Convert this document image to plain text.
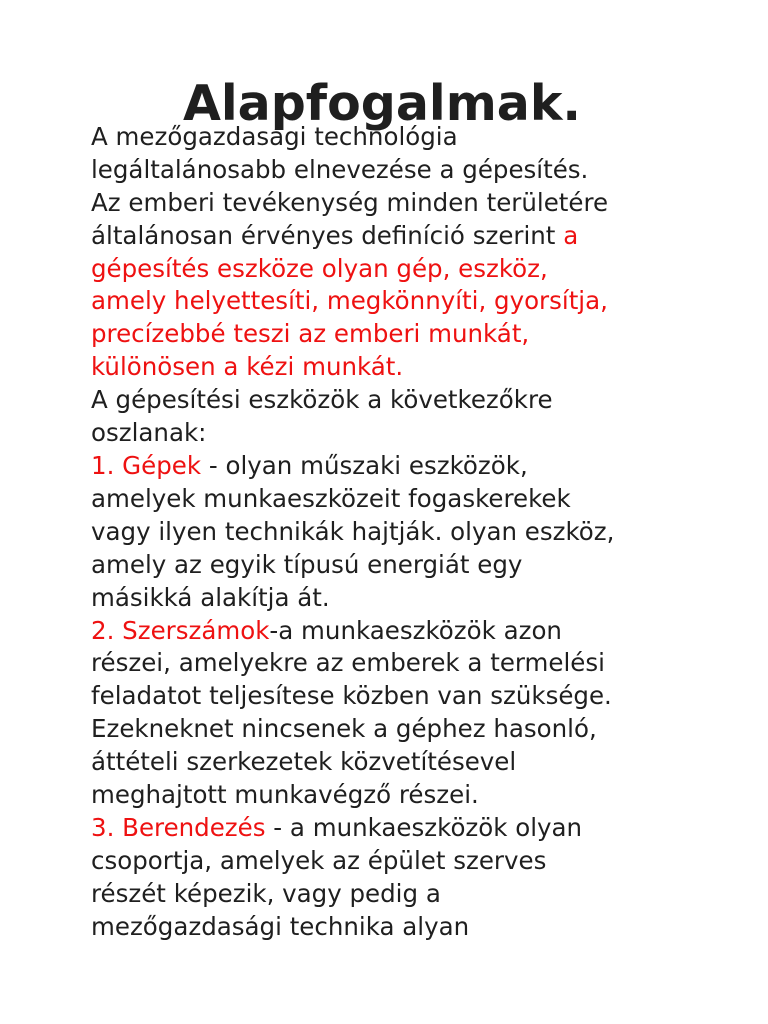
Alapfogalmak.

A mezőgazdasági technológia
legáltalánosabb elnevezése a gépesítés.
Az emberi tevékenység minden területére
általánosan érvényes definíció szerint a
gépesítés eszköze olyan gép, eszköz,
amely helyettesíti, megkönnyíti, gyorsítja,
precízebbé teszi az emberi munkát,
különösen a kézi munkát.

A gépesítési eszközök a következőkre
oszlanak:

1. Gépek - olyan műszaki eszközök,
amelyek munkaeszközeit fogaskerekek
vagy ilyen technikák hajtják. olyan eszköz,
amely az egyik típusú energiát egy
másikká alakítja át.

2. Szerszámok-a munkaeszközök azon
részei, amelyekre az emberek a termelési
feladatot teljesítese közben van szüksége.
Ezekneknet nincsenek a géphez hasonló,
áttételi szerkezetek közvetítésevel
meghajtott munkavégző részei.

3. Berendezés - a munkaeszközök olyan
csoportja, amelyek az épület szerves
részét képezik, vagy pedig a
mezőgazdasági technika alyan
